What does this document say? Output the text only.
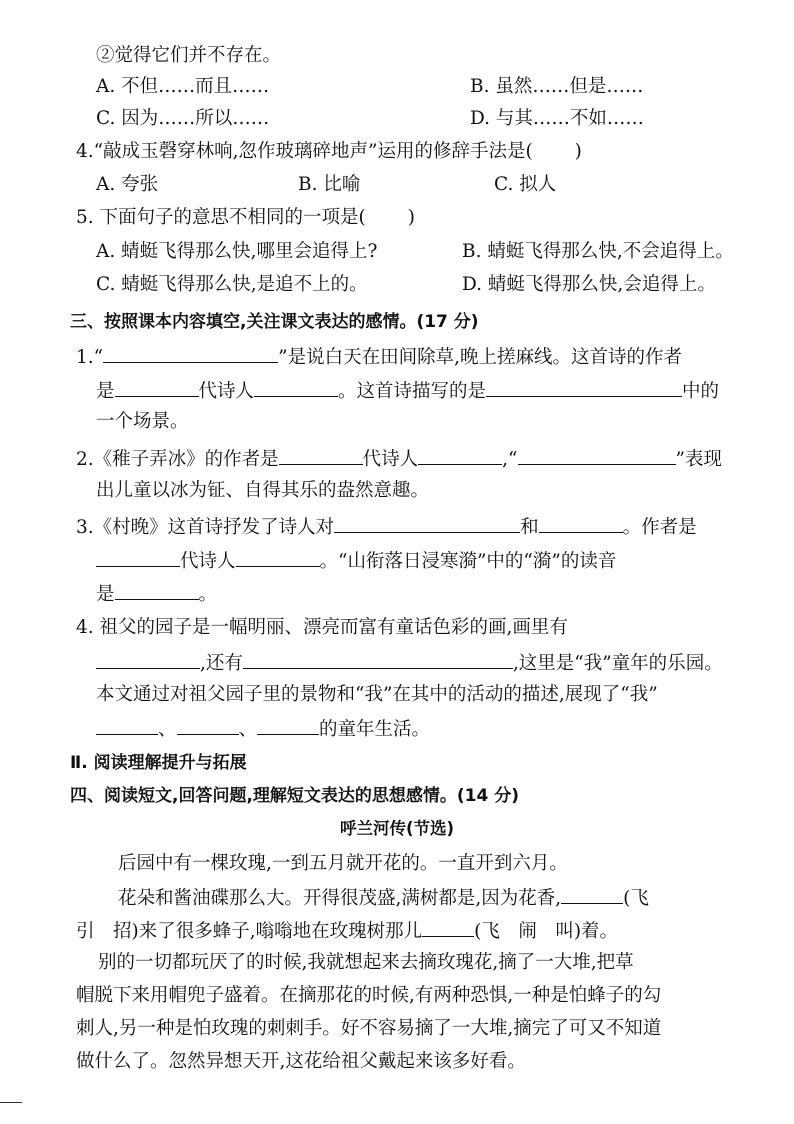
②觉得它们并不存在。
A. 不但……而且……	B. 虽然……但是……
C. 因为……所以……	D. 与其……不如……
4.“敲成玉磬穿林响,忽作玻璃碎地声”运用的修辞手法是( )
A. 夸张	B. 比喻	C. 拟人
5. 下面句子的意思不相同的一项是( )
A. 蜻蜓飞得那么快,哪里会追得上?	B. 蜻蜓飞得那么快,不会追得上。
C. 蜻蜓飞得那么快,是追不上的。	D. 蜻蜓飞得那么快,会追得上。
三、按照课本内容填空,关注课文表达的感情。(17 分)
1.“	”是说白天在田间除草,晚上搓麻线。这首诗的作者
是	代诗人	。这首诗描写的是	中的
一个场景。
2.《稚子弄冰》的作者是	代诗人	,“	”表现
出儿童以冰为钲、自得其乐的盎然意趣。
3.《村晚》这首诗抒发了诗人对	和	。作者是
代诗人	。“山衔落日浸寒漪”中的“漪”的读音
是	。
4. 祖父的园子是一幅明丽、漂亮而富有童话色彩的画,画里有
,还有	,这里是“我”童年的乐园。
本文通过对祖父园子里的景物和“我”在其中的活动的描述,展现了“我”
、	、	的童年生活。
Ⅱ. 阅读理解提升与拓展
四、阅读短文,回答问题,理解短文表达的思想感情。(14 分)
呼兰河传(节选)
后园中有一棵玫瑰,一到五月就开花的。一直开到六月。
花朵和酱油碟那么大。开得很茂盛,满树都是,因为花香,	(飞
引　招)来了很多蜂子,嗡嗡地在玫瑰树那儿	(飞　闹　叫)着。
别的一切都玩厌了的时候,我就想起来去摘玫瑰花,摘了一大堆,把草
帽脱下来用帽兜子盛着。在摘那花的时候,有两种恐惧,一种是怕蜂子的勾
刺人,另一种是怕玫瑰的刺刺手。好不容易摘了一大堆,摘完了可又不知道
做什么了。忽然异想天开,这花给祖父戴起来该多好看。
